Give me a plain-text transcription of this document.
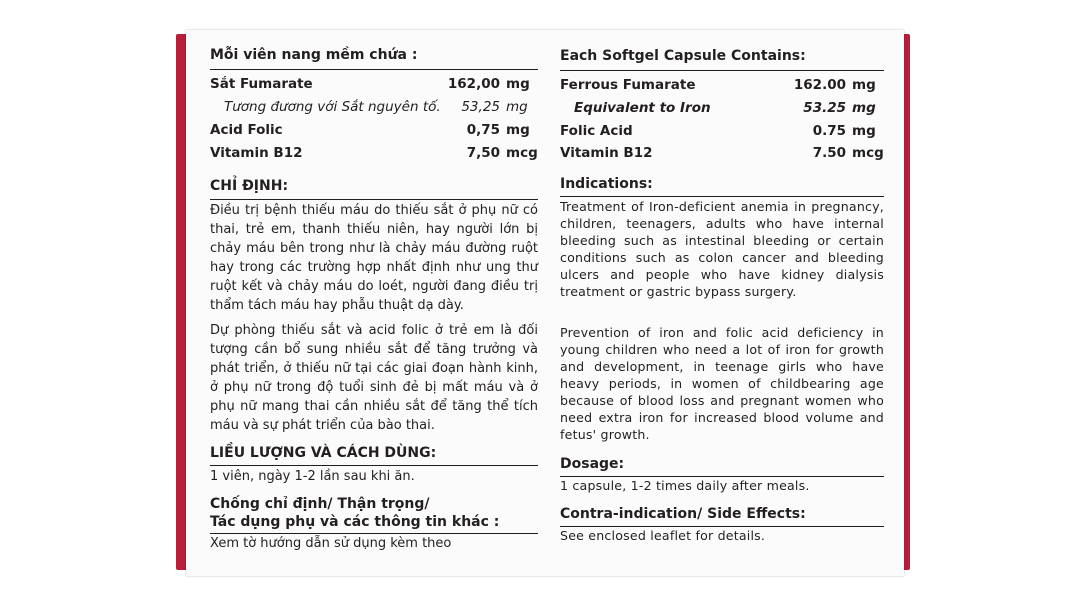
Mỗi viên nang mềm chứa :
Sắt Fumarate	162,00 mg
Tương đương với Sắt nguyên tố. 53,25 mg
Acid Folic	0,75 mg
Vitamin B12	7,50 mcg
CHỈ ĐỊNH:
Điều trị bệnh thiếu máu do thiếu sắt ở phụ nữ có thai, trẻ em, thanh thiếu niên, hay người lớn bị chảy máu bên trong như là chảy máu đường ruột hay trong các trường hợp nhất định như ung thư ruột kết và chảy máu do loét, người đang điều trị thẩm tách máu hay phẫu thuật dạ dày.
Dự phòng thiếu sắt và acid folic ở trẻ em là đối tượng cần bổ sung nhiều sắt để tăng trưởng và phát triển, ở thiếu nữ tại các giai đoạn hành kinh, ở phụ nữ trong độ tuổi sinh đẻ bị mất máu và ở phụ nữ mang thai cần nhiều sắt để tăng thể tích máu và sự phát triển của bào thai.
LIỀU LƯỢNG VÀ CÁCH DÙNG:
1 viên, ngày 1-2 lần sau khi ăn.
Chống chỉ định/ Thận trọng/
Tác dụng phụ và các thông tin khác :
Xem tờ hướng dẫn sử dụng kèm theo
Each Softgel Capsule Contains:
Ferrous Fumarate	162.00 mg
Equivalent to Iron	53.25 mg
Folic Acid	0.75 mg
Vitamin B12	7.50 mcg
Indications:
Treatment of Iron-deficient anemia in pregnancy, children, teenagers, adults who have internal bleeding such as intestinal bleeding or certain conditions such as colon cancer and bleeding ulcers and people who have kidney dialysis treatment or gastric bypass surgery.
Prevention of iron and folic acid deficiency in young children who need a lot of iron for growth and development, in teenage girls who have heavy periods, in women of childbearing age because of blood loss and pregnant women who need extra iron for increased blood volume and fetus' growth.
Dosage:
1 capsule, 1-2 times daily after meals.
Contra-indication/ Side Effects:
See enclosed leaflet for details.
